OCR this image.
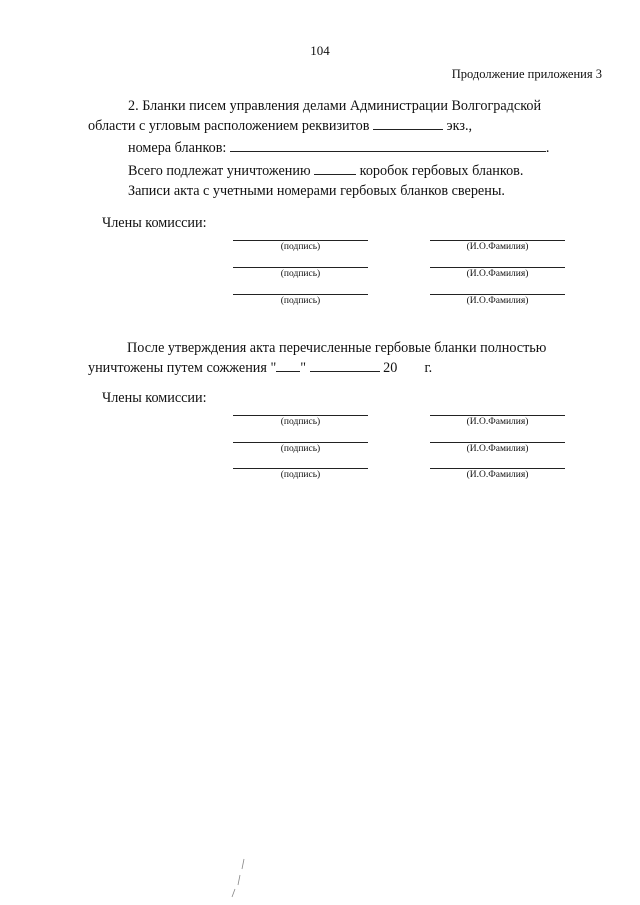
104
Продолжение приложения 3
2. Бланки писем управления делами Администрации Волгоградской
области с угловым расположением реквизитов	экз.,
номера бланков:	.
Всего подлежат уничтожению	коробок гербовых бланков.
Записи акта с учетными номерами гербовых бланков сверены.
Члены комиссии:
(подпись)	(И.О.Фамилия)
(подпись)	(И.О.Фамилия)
(подпись)	(И.О.Фамилия)
После утверждения акта перечисленные гербовые бланки полностью
уничтожены путем сожжения " "	20 г.
Члены комиссии:
(подпись)	(И.О.Фамилия)
(подпись)	(И.О.Фамилия)
(подпись)	(И.О.Фамилия)
